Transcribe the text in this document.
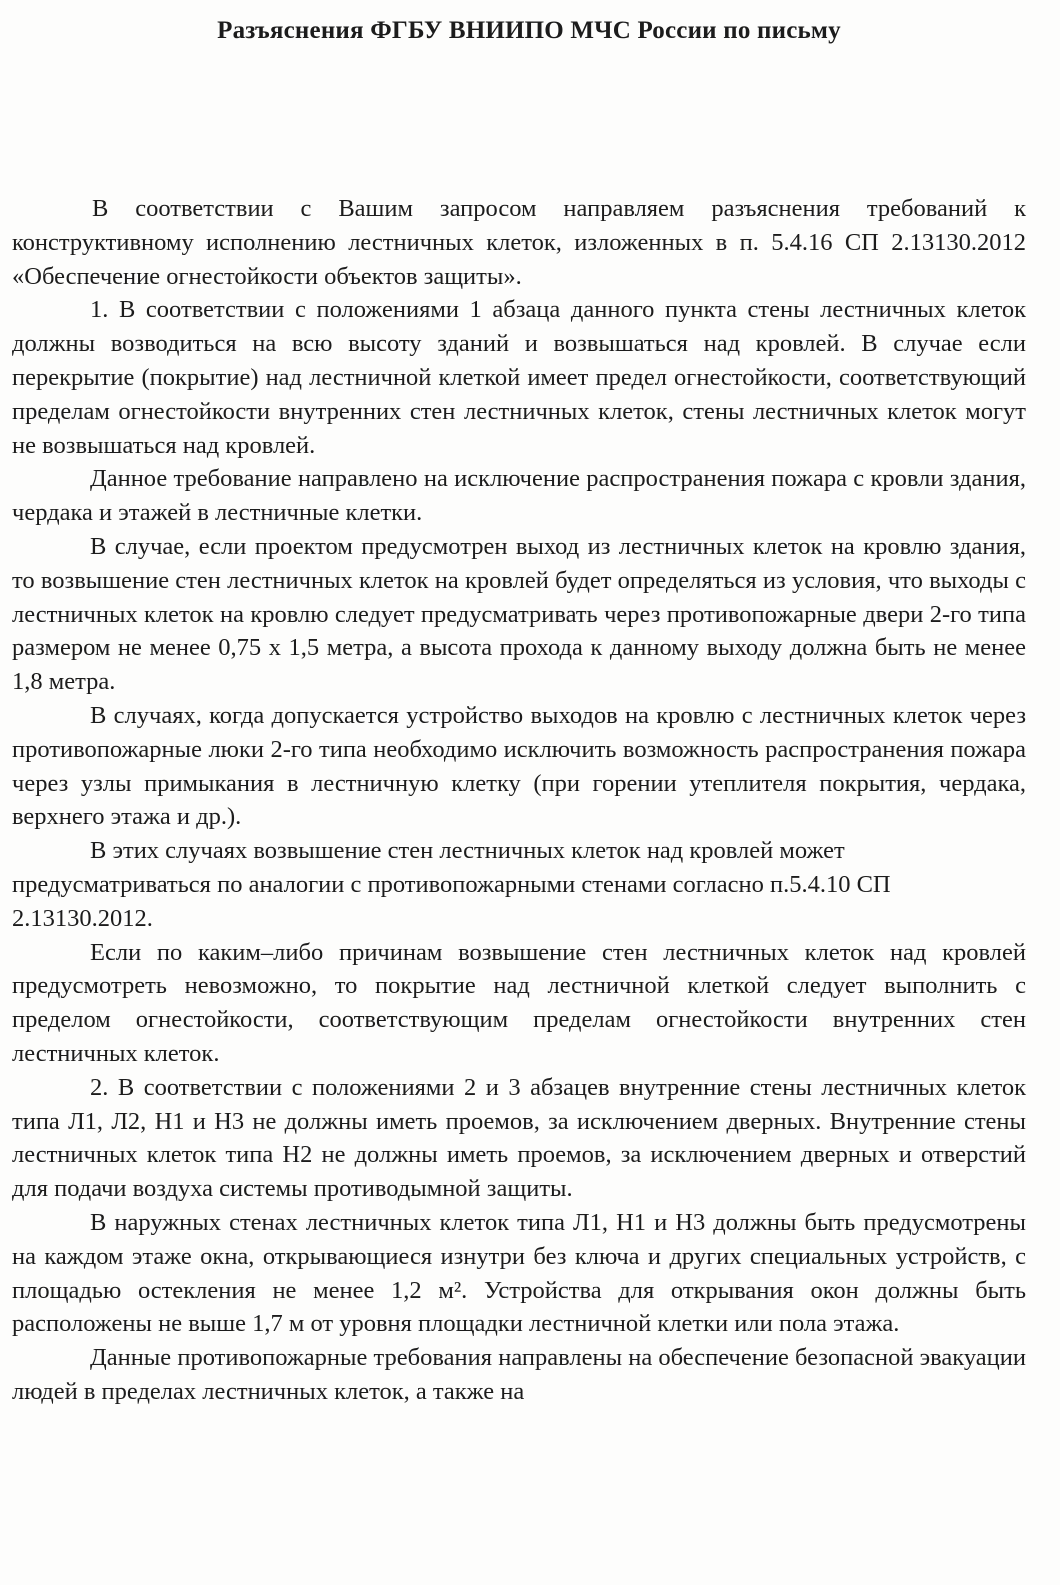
Разъяснения ФГБУ ВНИИПО МЧС России по письму

В соответствии с Вашим запросом направляем разъяснения требований к конструктивному исполнению лестничных клеток, изложенных в п. 5.4.16 СП 2.13130.2012 «Обеспечение огнестойкости объектов защиты».

1. В соответствии с положениями 1 абзаца данного пункта стены лестничных клеток должны возводиться на всю высоту зданий и возвышаться над кровлей. В случае если перекрытие (покрытие) над лестничной клеткой имеет предел огнестойкости, соответствующий пределам огнестойкости внутренних стен лестничных клеток, стены лестничных клеток могут не возвышаться над кровлей.

Данное требование направлено на исключение распространения пожара с кровли здания, чердака и этажей в лестничные клетки.

В случае, если проектом предусмотрен выход из лестничных клеток на кровлю здания, то возвышение стен лестничных клеток на кровлей будет определяться из условия, что выходы с лестничных клеток на кровлю следует предусматривать через противопожарные двери 2-го типа размером не менее 0,75 х 1,5 метра, а высота прохода к данному выходу должна быть не менее 1,8 метра.

В случаях, когда допускается устройство выходов на кровлю с лестничных клеток через противопожарные люки 2-го типа необходимо исключить возможность распространения пожара через узлы примыкания в лестничную клетку (при горении утеплителя покрытия, чердака, верхнего этажа и др.).

В этих случаях возвышение стен лестничных клеток над кровлей может предусматриваться по аналогии с противопожарными стенами согласно п.5.4.10 СП 2.13130.2012.

Если по каким–либо причинам возвышение стен лестничных клеток над кровлей предусмотреть невозможно, то покрытие над лестничной клеткой следует выполнить с пределом огнестойкости, соответствующим пределам огнестойкости внутренних стен лестничных клеток.

2. В соответствии с положениями 2 и 3 абзацев внутренние стены лестничных клеток типа Л1, Л2, Н1 и Н3 не должны иметь проемов, за исключением дверных. Внутренние стены лестничных клеток типа Н2 не должны иметь проемов, за исключением дверных и отверстий для подачи воздуха системы противодымной защиты.

В наружных стенах лестничных клеток типа Л1, Н1 и Н3 должны быть предусмотрены на каждом этаже окна, открывающиеся изнутри без ключа и других специальных устройств, с площадью остекления не менее 1,2 м². Устройства для открывания окон должны быть расположены не выше 1,7 м от уровня площадки лестничной клетки или пола этажа.

Данные противопожарные требования направлены на обеспечение безопасной эвакуации людей в пределах лестничных клеток, а также на
